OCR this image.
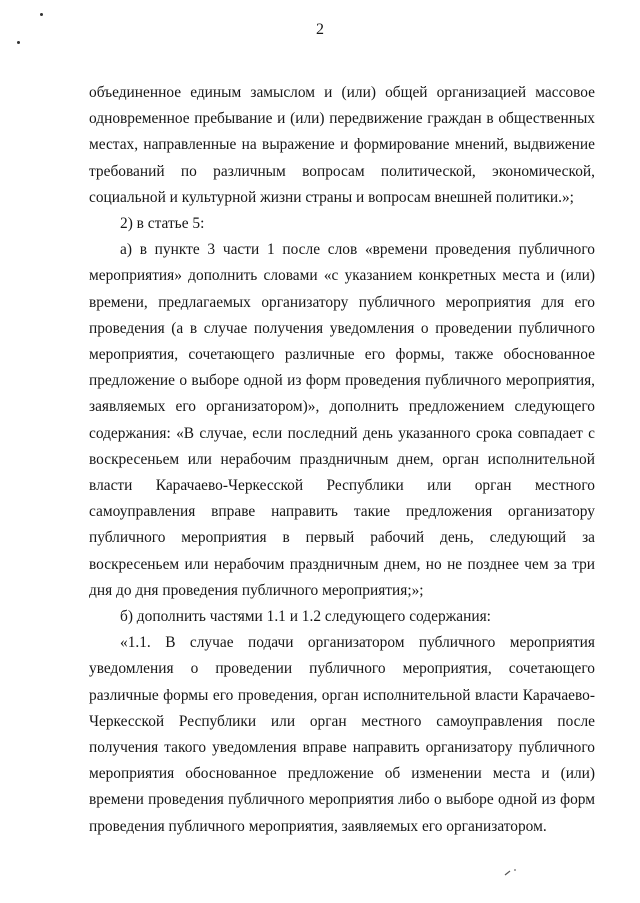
2

объединенное единым замыслом и (или) общей организацией массовое одновременное пребывание и (или) передвижение граждан в общественных местах, направленные на выражение и формирование мнений, выдвижение требований по различным вопросам политической, экономической, социальной и культурной жизни страны и вопросам внешней политики.»;

2) в статье 5:

а) в пункте 3 части 1 после слов «времени проведения публичного мероприятия» дополнить словами «с указанием конкретных места и (или) времени, предлагаемых организатору публичного мероприятия для его проведения (а в случае получения уведомления о проведении публичного мероприятия, сочетающего различные его формы, также обоснованное предложение о выборе одной из форм проведения публичного мероприятия, заявляемых его организатором)», дополнить предложением следующего содержания: «В случае, если последний день указанного срока совпадает с воскресеньем или нерабочим праздничным днем, орган исполнительной власти Карачаево-Черкесской Республики или орган местного самоуправления вправе направить такие предложения организатору публичного мероприятия в первый рабочий день, следующий за воскресеньем или нерабочим праздничным днем, но не позднее чем за три дня до дня проведения публичного мероприятия;»;

б) дополнить частями 1.1 и 1.2 следующего содержания:

«1.1. В случае подачи организатором публичного мероприятия уведомления о проведении публичного мероприятия, сочетающего различные формы его проведения, орган исполнительной власти Карачаево-Черкесской Республики или орган местного самоуправления после получения такого уведомления вправе направить организатору публичного мероприятия обоснованное предложение об изменении места и (или) времени проведения публичного мероприятия либо о выборе одной из форм проведения публичного мероприятия, заявляемых его организатором.
